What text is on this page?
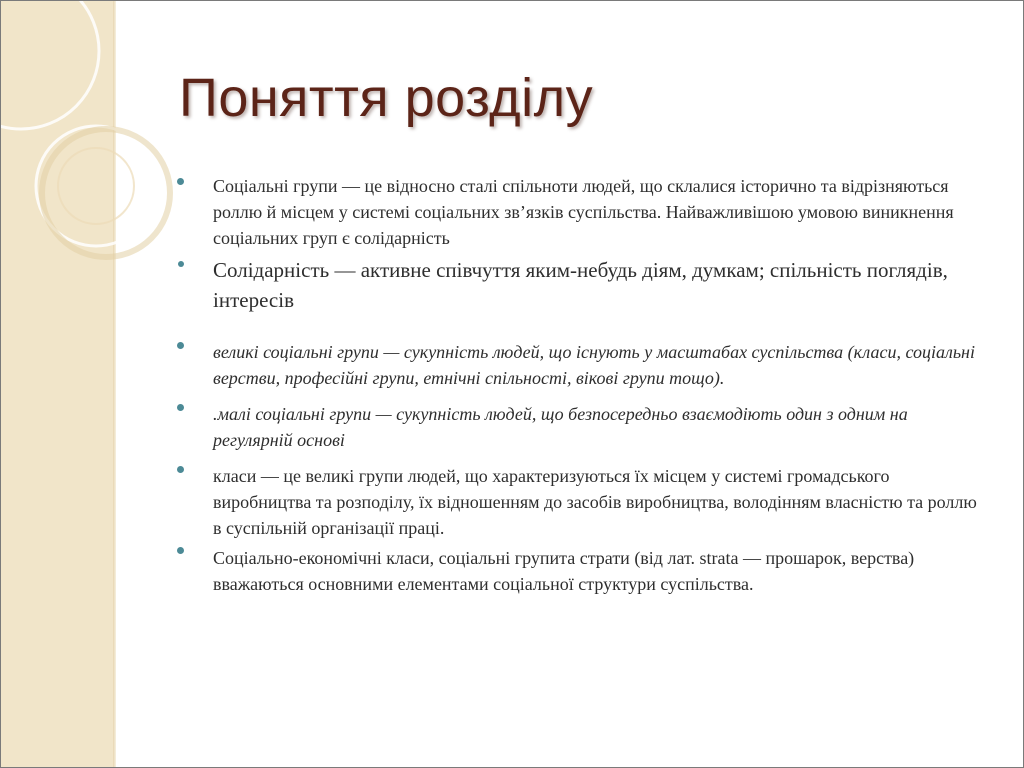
Поняття розділу
Соціальні групи — це відносно сталі спільноти людей, що склалися історично та відрізняються роллю й місцем у системі соціальних зв’язків суспільства. Найважливішою умовою виникнення соціальних груп є солідарність
Солідарність — активне співчуття яким-небудь діям, думкам; спільність поглядів, інтересів
великі соціальні групи — сукупність людей, що існують у масштабах суспільства (класи, соціальні верстви, професійні групи, етнічні спільності, вікові групи тощо).
.малі соціальні групи — сукупність людей, що безпосередньо взаємодіють один з одним на регулярній основі
класи — це великі групи людей, що характеризуються їх місцем у системі громадського виробництва та розподілу, їх відношенням до засобів виробництва, володінням власністю та роллю в суспільній організації праці.
Соціально-економічні класи, соціальні групита страти (від лат. strata — прошарок, верства) вважаються основними елементами соціальної структури суспільства.
